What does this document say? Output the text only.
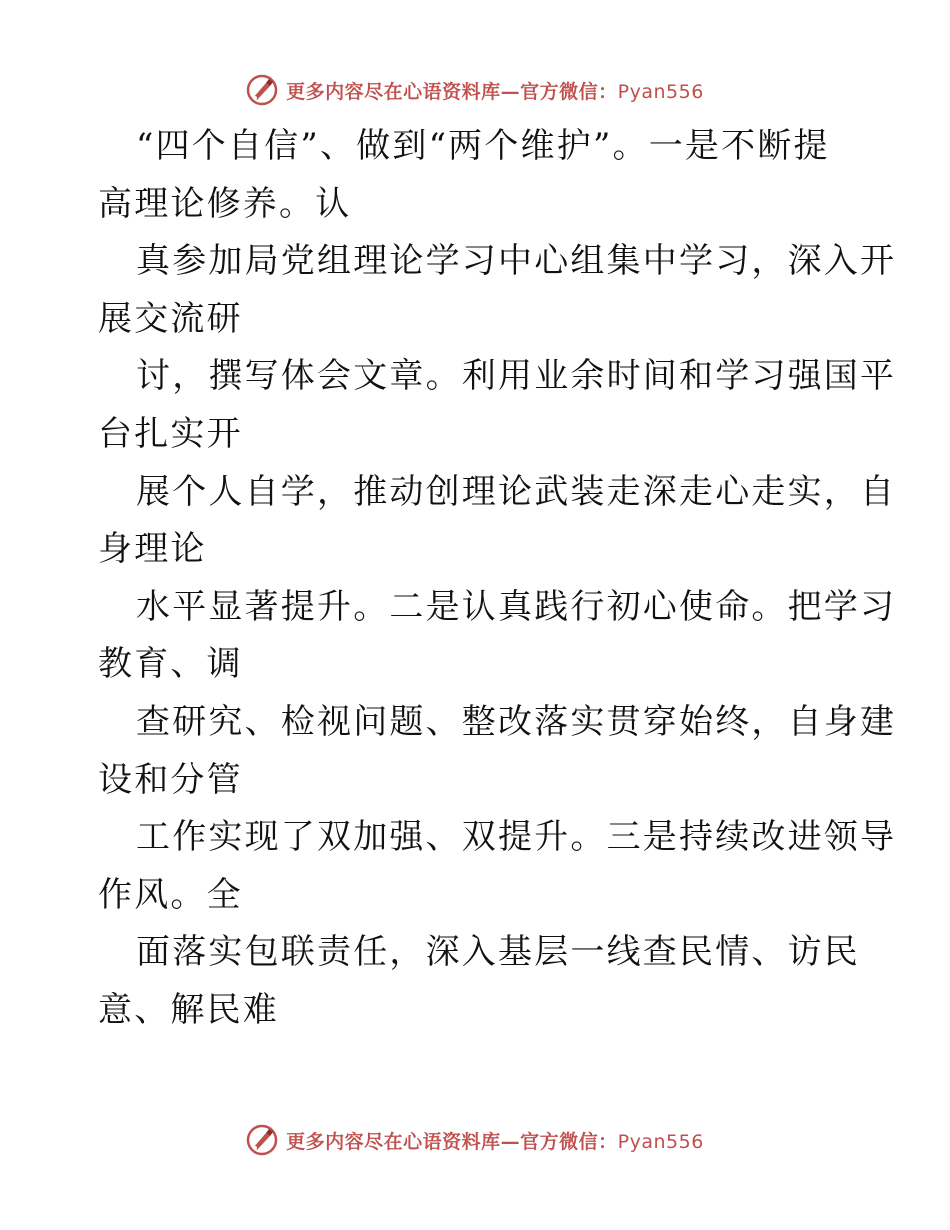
更多内容尽在心语资料库—官方微信：Pyan556
“四个自信”、做到“两个维护”。一是不断提
高理论修养。认
真参加局党组理论学习中心组集中学习，深入开
展交流研
讨，撰写体会文章。利用业余时间和学习强国平
台扎实开
展个人自学，推动创理论武装走深走心走实，自
身理论
水平显著提升。二是认真践行初心使命。把学习
教育、调
查研究、检视问题、整改落实贯穿始终，自身建
设和分管
工作实现了双加强、双提升。三是持续改进领导
作风。全
面落实包联责任，深入基层一线查民情、访民
意、解民难
更多内容尽在心语资料库—官方微信：Pyan556
